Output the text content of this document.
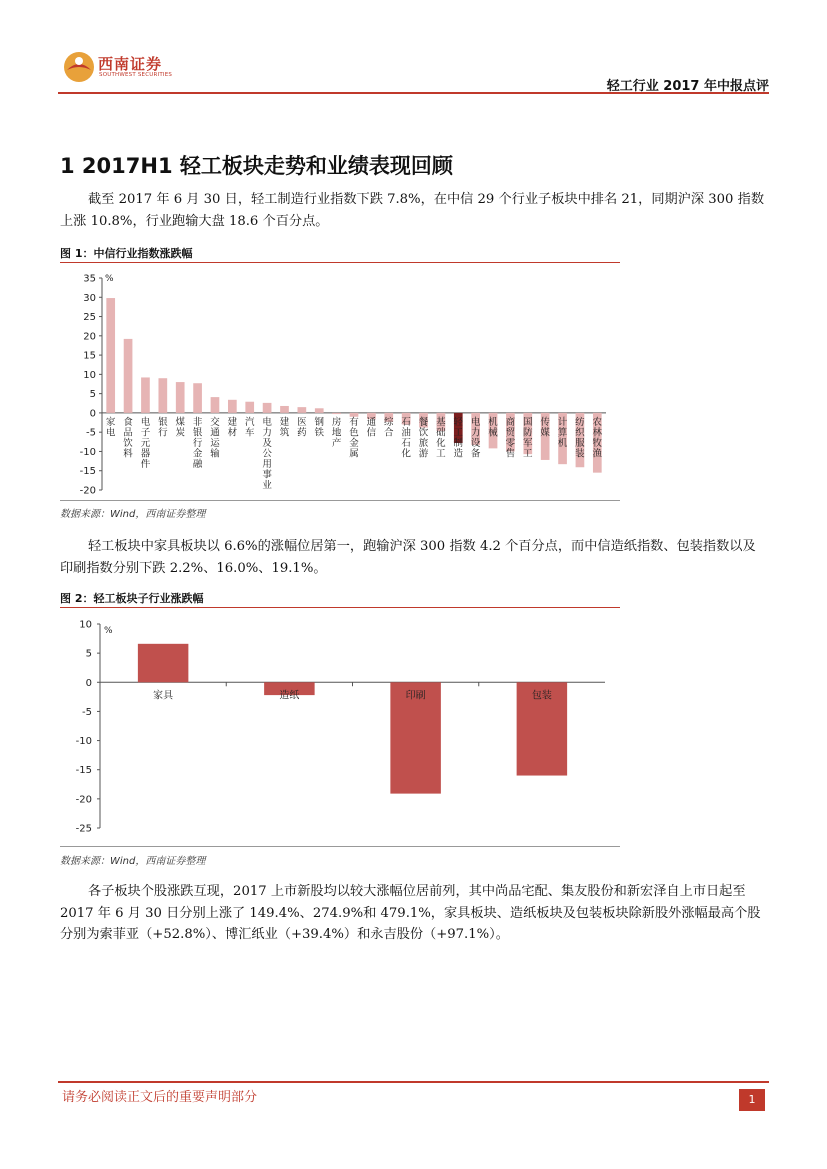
西南证券
SOUTHWEST SECURITIES
轻工行业 2017 年中报点评
1 2017H1 轻工板块走势和业绩表现回顾
截至 2017 年 6 月 30 日，轻工制造行业指数下跌 7.8%，在中信 29 个行业子板块中排名 21，同期沪深 300 指数上涨 10.8%，行业跑输大盘 18.6 个百分点。
图 1：中信行业指数涨跌幅
35
30
25
20
15
10
5
0
-5
-10
-15
-20
%
家电
食品饮料
电子元器件
银行
煤炭
非银行金融
交通运输
建材
汽车
电力及公用事业
建筑
医药
钢铁
房地产
有色金属
通信
综合
石油石化
餐饮旅游
基础化工
轻工制造
电力设备
机械
商贸零售
国防军工
传媒
计算机
纺织服装
农林牧渔
数据来源：Wind，西南证券整理
轻工板块中家具板块以 6.6%的涨幅位居第一，跑输沪深 300 指数 4.2 个百分点，而中信造纸指数、包装指数以及印刷指数分别下跌 2.2%、16.0%、19.1%。
图 2：轻工板块子行业涨跌幅
10
5
0
-5
-10
-15
-20
-25
%
家具	造纸	印刷	包装
数据来源：Wind，西南证券整理
各子板块个股涨跌互现，2017 上市新股均以较大涨幅位居前列，其中尚品宅配、集友股份和新宏泽自上市日起至 2017 年 6 月 30 日分别上涨了 149.4%、274.9%和 479.1%，家具板块、造纸板块及包装板块除新股外涨幅最高个股分别为索菲亚（+52.8%）、博汇纸业（+39.4%）和永吉股份（+97.1%）。
请务必阅读正文后的重要声明部分	1
